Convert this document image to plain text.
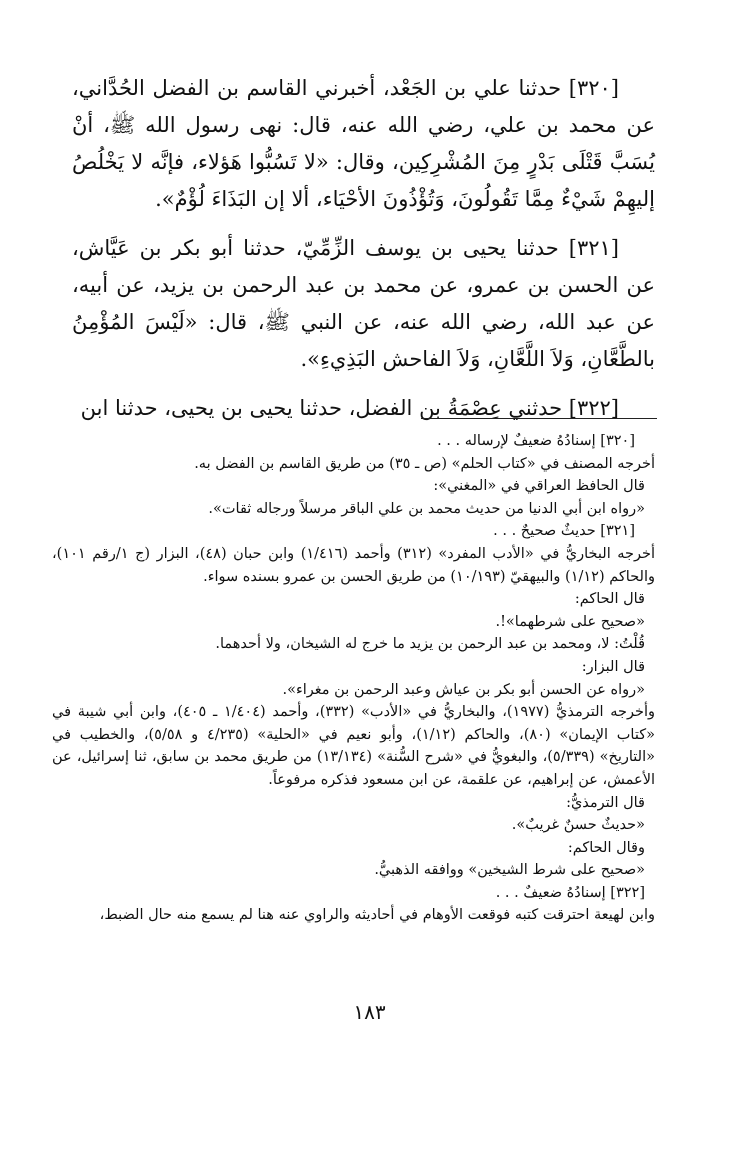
[٣٢٠] حدثنا علي بن الجَعْد، أخبرني القاسم بن الفضل الحُدَّاني، عن محمد بن علي، رضي الله عنه، قال: نهى رسول الله ﷺ، أنْ يُسَبَّ قَتْلَى بَدْرٍ مِنَ المُشْرِكِين، وقال: «لا تَسُبُّوا هَؤلاء، فإنَّه لا يَخْلُصُ إليهِمْ شَيْءٌ مِمَّا تَقُولُونَ، وَتُؤْذُونَ الأحْيَاء، ألا إن البَذَاءَ لُؤْمٌ».

[٣٢١] حدثنا يحيى بن يوسف الزِّمِّيّ، حدثنا أبو بكر بن عَيَّاش، عن الحسن بن عمرو، عن محمد بن عبد الرحمن بن يزيد، عن أبيه، عن عبد الله، رضي الله عنه، عن النبي ﷺ، قال: «لَيْسَ المُؤْمِنُ بالطَّعَّانِ، وَلاَ اللَّعَّانِ، وَلاَ الفاحش البَذِيءِ».

[٣٢٢] حدثني عِصْمَةُ بن الفضل، حدثنا يحيى بن يحيى، حدثنا ابن

[٣٢٠] إسنادُهُ ضعيفٌ لإرساله . . .
أخرجه المصنف في «كتاب الحلم» (ص ـ ٣٥) من طريق القاسم بن الفضل به.
قال الحافظ العراقي في «المغني»:
«رواه ابن أبي الدنيا من حديث محمد بن علي الباقر مرسلاً ورجاله ثقات».
[٣٢١] حديثٌ صحيحٌ . . .
أخرجه البخاريُّ في «الأدب المفرد» (٣١٢) وأحمد (١/٤١٦) وابن حبان (٤٨)، البزار (ج ١/رقم ١٠١)، والحاكم (١/١٢) والبيهقيّ (١٠/١٩٣) من طريق الحسن بن عمرو بسنده سواء.
قال الحاكم:
«صحيح على شرطهما»!.
قُلْتُ: لا، ومحمد بن عبد الرحمن بن يزيد ما خرج له الشيخان، ولا أحدهما.
قال البزار:
«رواه عن الحسن أبو بكر بن عياش وعبد الرحمن بن مغراء».
وأخرجه الترمذيُّ (١٩٧٧)، والبخاريُّ في «الأدب» (٣٣٢)، وأحمد (١/٤٠٤ ـ ٤٠٥)، وابن أبي شيبة في «كتاب الإيمان» (٨٠)، والحاكم (١/١٢)، وأبو نعيم في «الحلية» (٤/٢٣٥ و ٥/٥٨)، والخطيب في «التاريخ» (٥/٣٣٩)، والبغويُّ في «شرح السُّنة» (١٣/١٣٤) من طريق محمد بن سابق، ثنا إسرائيل، عن الأعمش، عن إبراهيم، عن علقمة، عن ابن مسعود فذكره مرفوعاً.
قال الترمذيُّ:
«حديثٌ حسنٌ غريبٌ».
وقال الحاكم:
«صحيح على شرط الشيخين» ووافقه الذهبيُّ.
[٣٢٢] إسنادُهُ ضعيفٌ . . .
وابن لهيعة احترقت كتبه فوقعت الأوهام في أحاديثه والراوي عنه هنا لم يسمع منه حال الضبط،
١٨٣
